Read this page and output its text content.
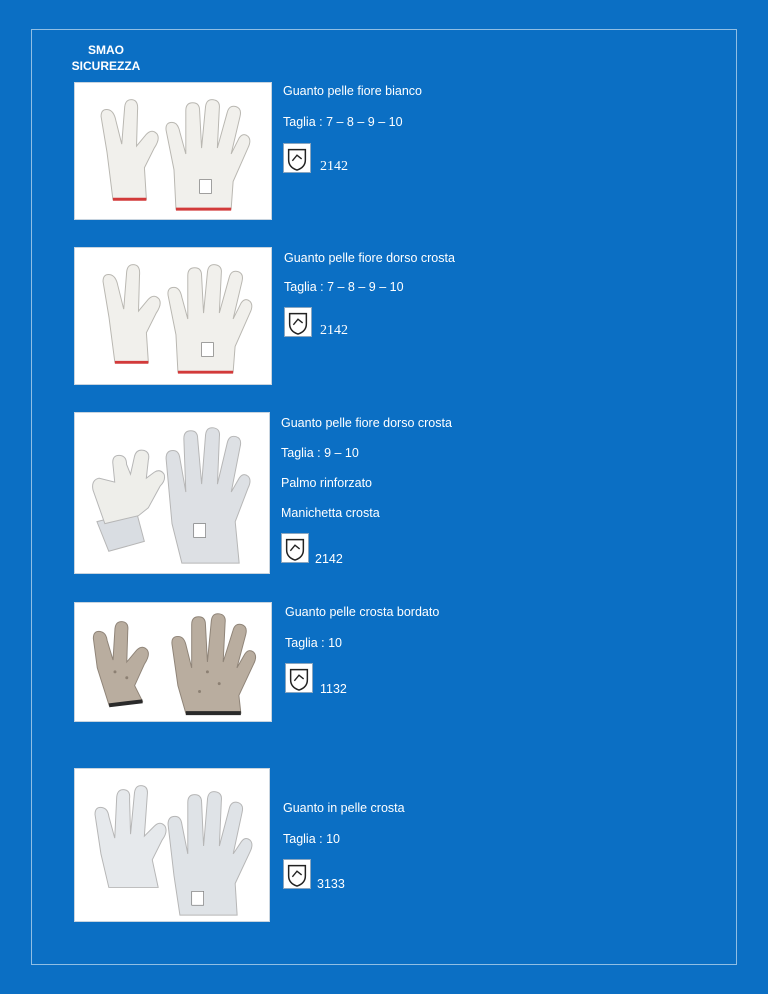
SMAO
SICUREZZA
Guanto pelle fiore bianco
Taglia : 7 – 8 – 9 – 10
2142
Guanto pelle fiore dorso crosta
Taglia : 7 – 8 – 9 – 10
2142
Guanto pelle fiore dorso crosta
Taglia : 9 – 10
Palmo rinforzato
Manichetta crosta
2142
Guanto pelle crosta bordato
Taglia : 10
1132
Guanto in pelle crosta
Taglia : 10
3133
